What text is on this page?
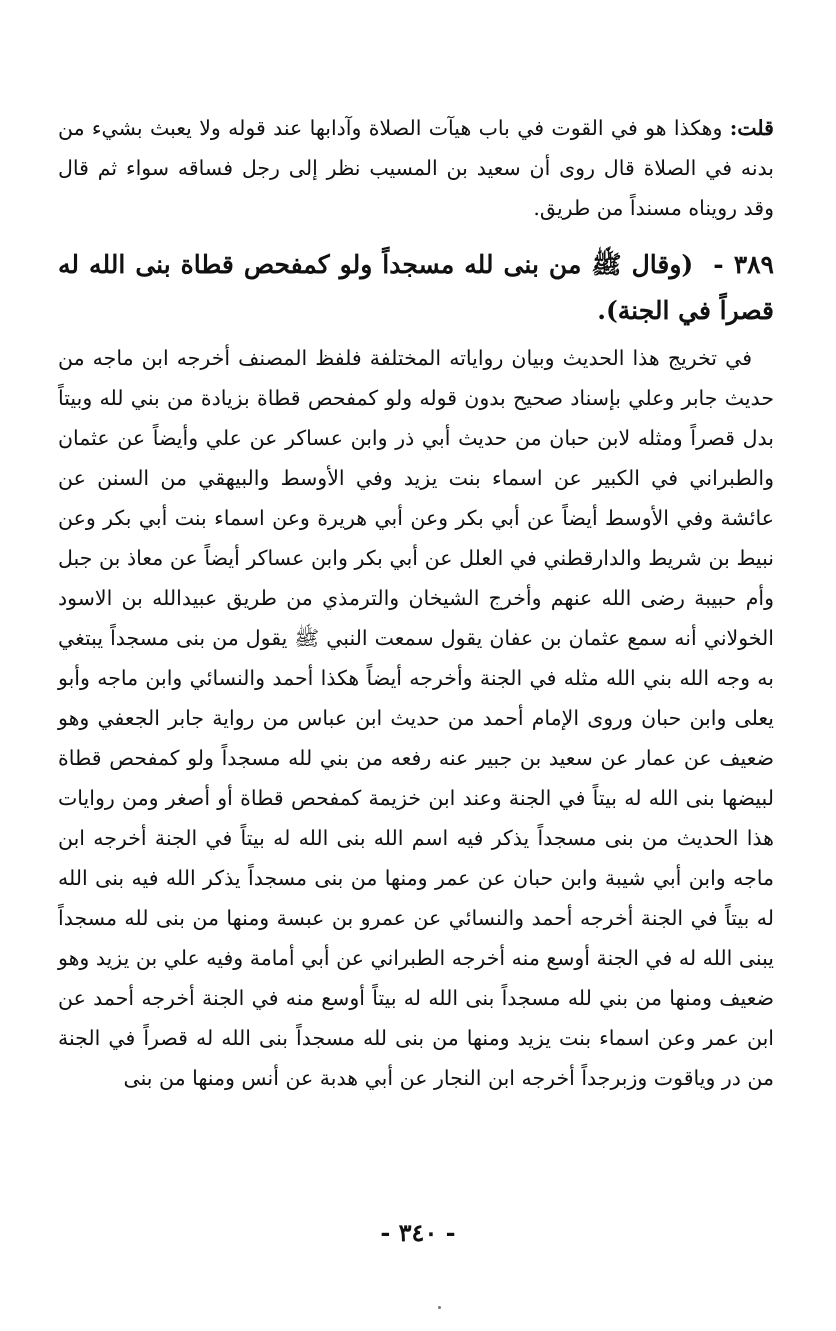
قلت: وهكذا هو في القوت في باب هيآت الصلاة وآدابها عند قوله ولا يعبث بشيء من بدنه في الصلاة قال روى أن سعيد بن المسيب نظر إلى رجل فساقه سواء ثم قال وقد رويناه مسنداً من طريق.

٣٨٩ - (وقال ﷺ من بنى لله مسجداً ولو كمفحص قطاة بنى الله له قصراً في الجنة).

في تخريج هذا الحديث وبيان رواياته المختلفة فلفظ المصنف أخرجه ابن ماجه من حديث جابر وعلي بإسناد صحيح بدون قوله ولو كمفحص قطاة بزيادة من بني لله وبيتاً بدل قصراً ومثله لابن حبان من حديث أبي ذر وابن عساكر عن علي وأيضاً عن عثمان والطبراني في الكبير عن اسماء بنت يزيد وفي الأوسط والبيهقي من السنن عن عائشة وفي الأوسط أيضاً عن أبي بكر وعن أبي هريرة وعن اسماء بنت أبي بكر وعن نبيط بن شريط والدارقطني في العلل عن أبي بكر وابن عساكر أيضاً عن معاذ بن جبل وأم حبيبة رضى الله عنهم وأخرج الشيخان والترمذي من طريق عبيدالله بن الاسود الخولاني أنه سمع عثمان بن عفان يقول سمعت النبي ﷺ يقول من بنى مسجداً يبتغي به وجه الله بني الله مثله في الجنة وأخرجه أيضاً هكذا أحمد والنسائي وابن ماجه وأبو يعلى وابن حبان وروى الإمام أحمد من حديث ابن عباس من رواية جابر الجعفي وهو ضعيف عن عمار عن سعيد بن جبير عنه رفعه من بني لله مسجداً ولو كمفحص قطاة لبيضها بنى الله له بيتاً في الجنة وعند ابن خزيمة كمفحص قطاة أو أصغر ومن روايات هذا الحديث من بنى مسجداً يذكر فيه اسم الله بنى الله له بيتاً في الجنة أخرجه ابن ماجه وابن أبي شيبة وابن حبان عن عمر ومنها من بنى مسجداً يذكر الله فيه بنى الله له بيتاً في الجنة أخرجه أحمد والنسائي عن عمرو بن عبسة ومنها من بنى لله مسجداً يبنى الله له في الجنة أوسع منه أخرجه الطبراني عن أبي أمامة وفيه علي بن يزيد وهو ضعيف ومنها من بني لله مسجداً بنى الله له بيتاً أوسع منه في الجنة أخرجه أحمد عن ابن عمر وعن اسماء بنت يزيد ومنها من بنى لله مسجداً بنى الله له قصراً في الجنة من در وياقوت وزبرجداً أخرجه ابن النجار عن أبي هدبة عن أنس ومنها من بنى

- ٣٤٠ -
